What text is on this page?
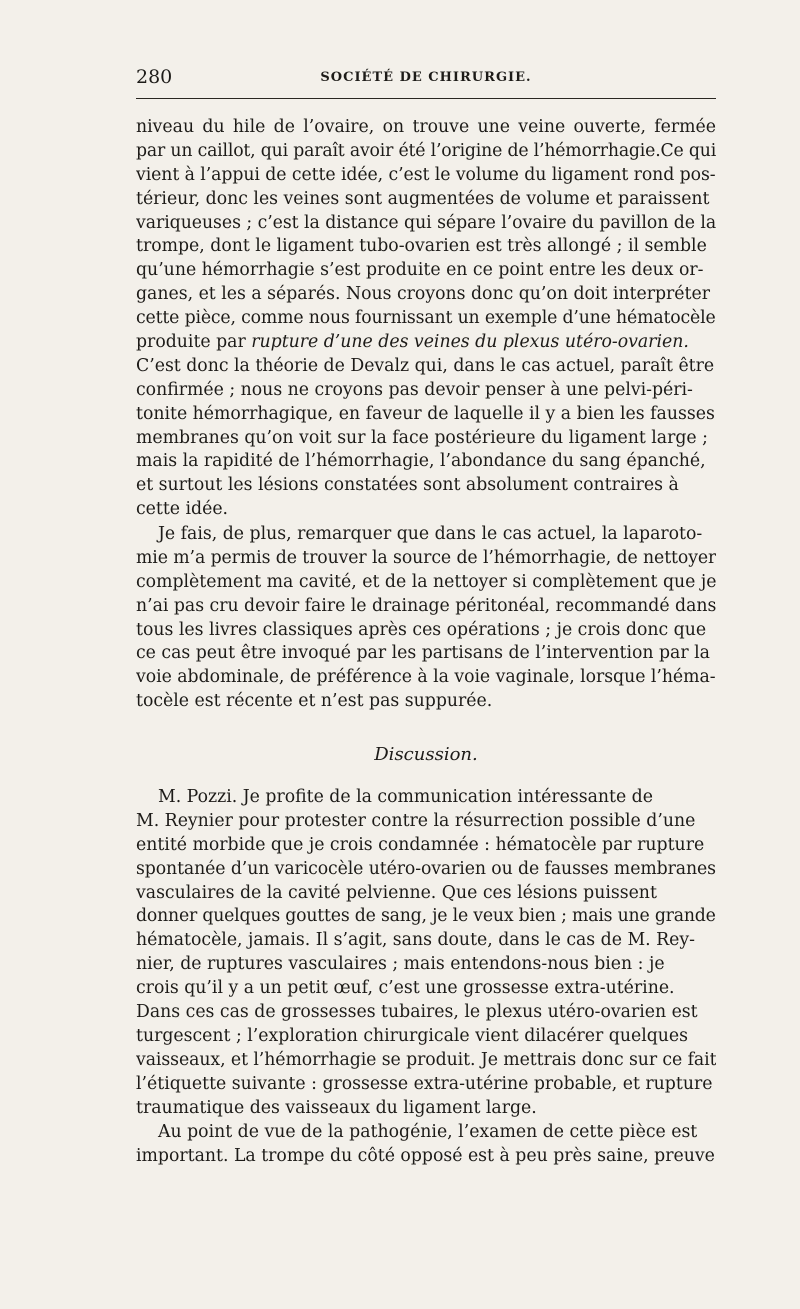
280	SOCIÉTÉ DE CHIRURGIE.
niveau du hile de l’ovaire, on trouve une veine ouverte, fermée
par un caillot, qui paraît avoir été l’origine de l’hémorrhagie.Ce qui
vient à l’appui de cette idée, c’est le volume du ligament rond pos-
térieur, donc les veines sont augmentées de volume et paraissent
variqueuses ; c’est la distance qui sépare l’ovaire du pavillon de la
trompe, dont le ligament tubo-ovarien est très allongé ; il semble
qu’une hémorrhagie s’est produite en ce point entre les deux or-
ganes, et les a séparés. Nous croyons donc qu’on doit interpréter
cette pièce, comme nous fournissant un exemple d’une hématocèle
produite par rupture d’une des veines du plexus utéro-ovarien.
C’est donc la théorie de Devalz qui, dans le cas actuel, paraît être
confirmée ; nous ne croyons pas devoir penser à une pelvi-péri-
tonite hémorrhagique, en faveur de laquelle il y a bien les fausses
membranes qu’on voit sur la face postérieure du ligament large ;
mais la rapidité de l’hémorrhagie, l’abondance du sang épanché,
et surtout les lésions constatées sont absolument contraires à
cette idée.
Je fais, de plus, remarquer que dans le cas actuel, la laparoto-
mie m’a permis de trouver la source de l’hémorrhagie, de nettoyer
complètement ma cavité, et de la nettoyer si complètement que je
n’ai pas cru devoir faire le drainage péritonéal, recommandé dans
tous les livres classiques après ces opérations ; je crois donc que
ce cas peut être invoqué par les partisans de l’intervention par la
voie abdominale, de préférence à la voie vaginale, lorsque l’héma-
tocèle est récente et n’est pas suppurée.
Discussion.
M. Pozzi. Je profite de la communication intéressante de
M. Reynier pour protester contre la résurrection possible d’une
entité morbide que je crois condamnée : hématocèle par rupture
spontanée d’un varicocèle utéro-ovarien ou de fausses membranes
vasculaires de la cavité pelvienne. Que ces lésions puissent
donner quelques gouttes de sang, je le veux bien ; mais une grande
hématocèle, jamais. Il s’agit, sans doute, dans le cas de M. Rey-
nier, de ruptures vasculaires ; mais entendons-nous bien : je
crois qu’il y a un petit œuf, c’est une grossesse extra-utérine.
Dans ces cas de grossesses tubaires, le plexus utéro-ovarien est
turgescent ; l’exploration chirurgicale vient dilacérer quelques
vaisseaux, et l’hémorrhagie se produit. Je mettrais donc sur ce fait
l’étiquette suivante : grossesse extra-utérine probable, et rupture
traumatique des vaisseaux du ligament large.
Au point de vue de la pathogénie, l’examen de cette pièce est
important. La trompe du côté opposé est à peu près saine, preuve
